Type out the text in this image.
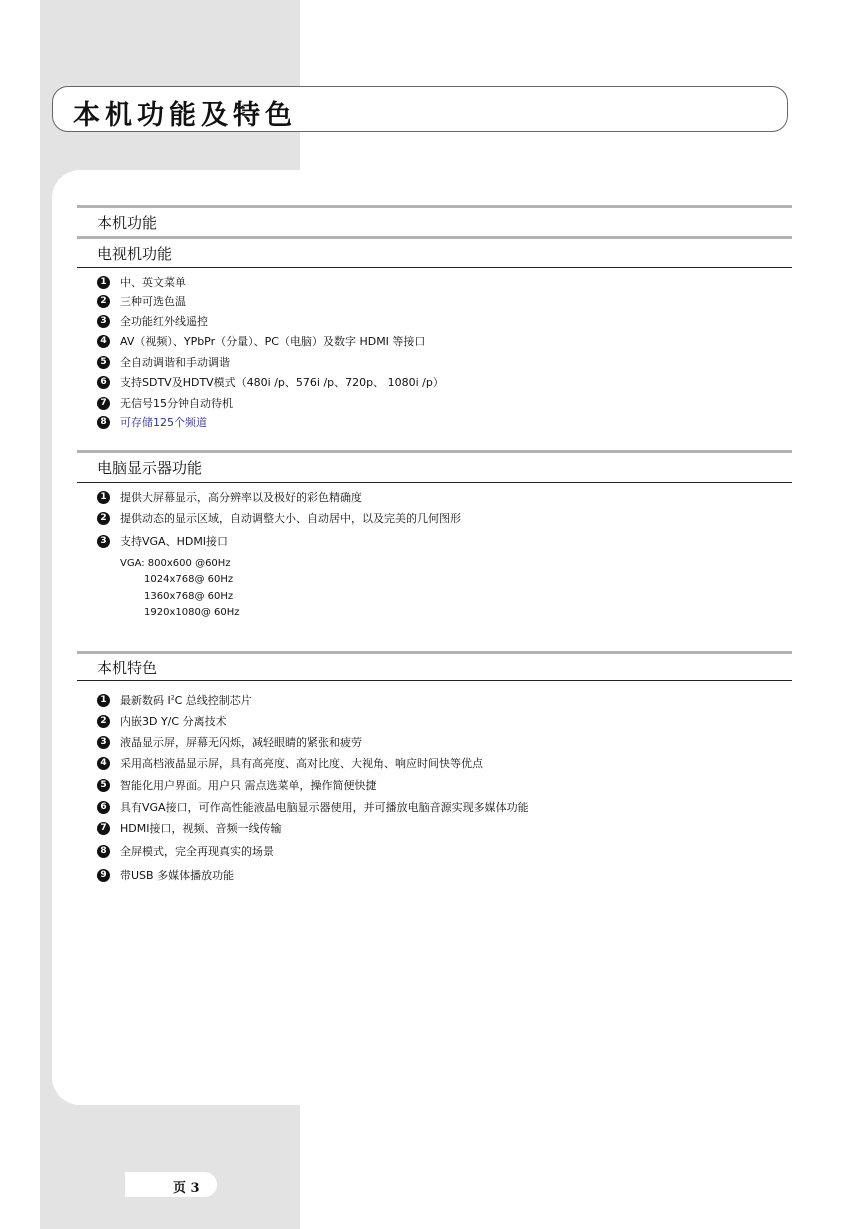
本机功能及特色
本机功能
电视机功能
1	中、英文菜单
2	三种可选色温
3	全功能红外线遥控
4	AV（视频）、YPbPr（分量）、PC（电脑）及数字 HDMI 等接口
5	全自动调谐和手动调谐
6	支持SDTV及HDTV模式（480i /p、576i /p、720p、 1080i /p）
7	无信号15分钟自动待机
8	可存储125个频道
电脑显示器功能
1	提供大屏幕显示，高分辨率以及极好的彩色精确度
2	提供动态的显示区域，自动调整大小、自动居中，以及完美的几何图形
3	支持VGA、HDMI接口
VGA: 800x600 @60Hz
1024x768@ 60Hz
1360x768@ 60Hz
1920x1080@ 60Hz
本机特色
1	最新数码 $I^2C$ 总线控制芯片
2	内嵌3D Y/C 分离技术
3	液晶显示屏，屏幕无闪烁，减轻眼睛的紧张和疲劳
4	采用高档液晶显示屏，具有高亮度、高对比度、大视角、响应时间快等优点
5	智能化用户界面。用户只 需点选菜单，操作简便快捷
6	具有VGA接口，可作高性能液晶电脑显示器使用，并可播放电脑音源实现多媒体功能
7	HDMI接口，视频、音频一线传输
8	全屏模式，完全再现真实的场景
9	带USB 多媒体播放功能
页 3
